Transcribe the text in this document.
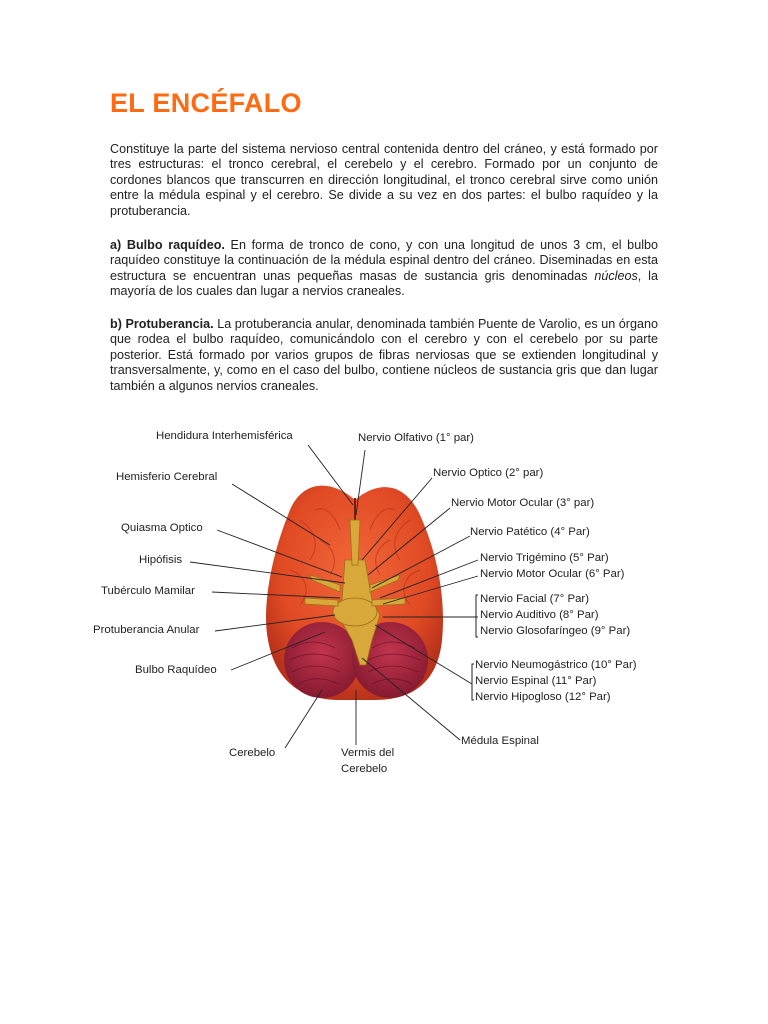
EL ENCÉFALO

Constituye la parte del sistema nervioso central contenida dentro del cráneo, y está formado por tres estructuras: el tronco cerebral, el cerebelo y el cerebro. Formado por un conjunto de cordones blancos que transcurren en dirección longitudinal, el tronco cerebral sirve como unión entre la médula espinal y el cerebro. Se divide a su vez en dos partes: el bulbo raquídeo y la protuberancia.

a) Bulbo raquídeo. En forma de tronco de cono, y con una longitud de unos 3 cm, el bulbo raquídeo constituye la continuación de la médula espinal dentro del cráneo. Diseminadas en esta estructura se encuentran unas pequeñas masas de sustancia gris denominadas núcleos, la mayoría de los cuales dan lugar a nervios craneales.

b) Protuberancia. La protuberancia anular, denominada también Puente de Varolio, es un órgano que rodea el bulbo raquídeo, comunicándolo con el cerebro y con el cerebelo por su parte posterior. Está formado por varios grupos de fibras nerviosas que se extienden longitudinal y transversalmente, y, como en el caso del bulbo, contiene núcleos de sustancia gris que dan lugar también a algunos nervios craneales.

Hendidura Interhemisférica
Hemisferio Cerebral
Quiasma Optico
Hipófisis
Tubérculo Mamilar
Protuberancia Anular
Bulbo Raquídeo
Cerebelo	Vermis del
Cerebelo
Nervio Olfativo (1° par)
Nervio Optico (2° par)
Nervio Motor Ocular (3° par)
Nervio Patético (4° Par)
Nervio Trigémino (5° Par)
Nervio Motor Ocular (6° Par)
Nervio Facial (7° Par)
Nervio Auditivo (8° Par)
Nervio Glosofaríngeo (9° Par)
Nervio Neumogástrico (10° Par)
Nervio Espinal (11° Par)
Nervio Hipogloso (12° Par)
Médula Espinal
